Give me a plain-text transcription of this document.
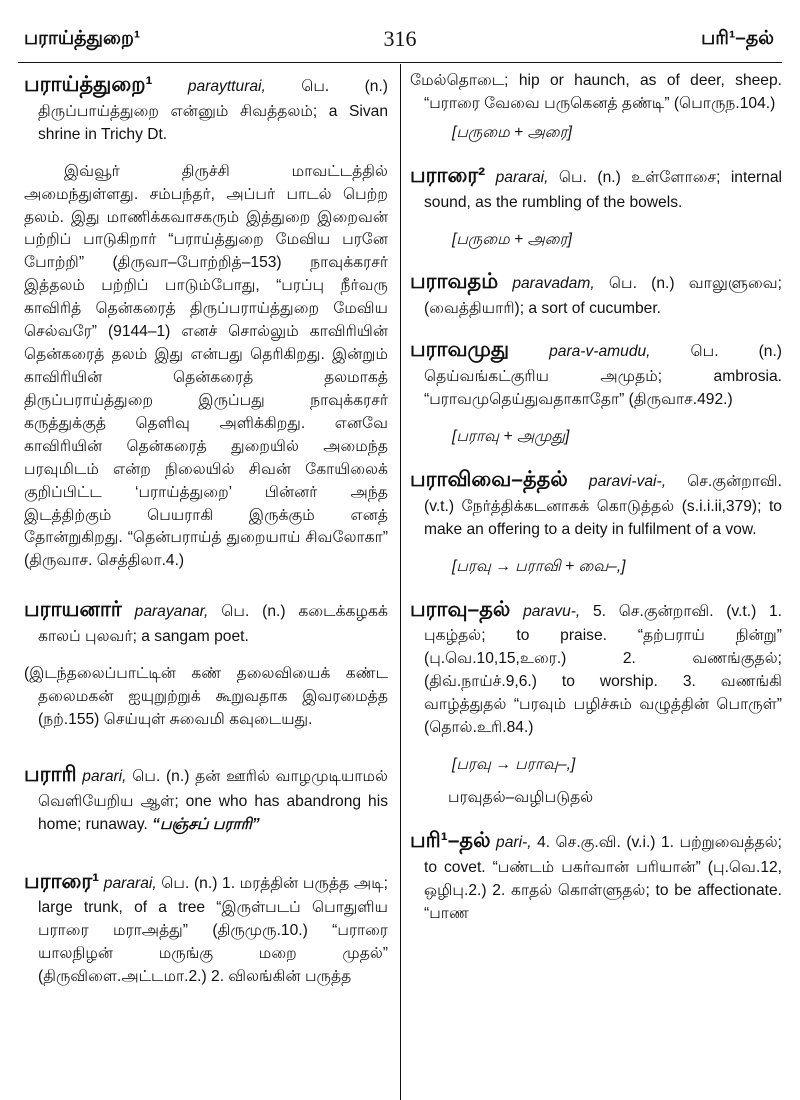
பராய்த்துறை¹	316	பரி¹–தல்
பராய்த்துறை¹ paraytturai, பெ. (n.) திருப்பாய்த்துறை என்னும் சிவத்தலம்; a Sivan shrine in Trichy Dt.
இவ்வூர் திருச்சி மாவட்டத்தில் அமைந்துள்ளது. சம்பந்தர், அப்பர் பாடல் பெற்ற தலம். இது மாணிக்கவாசகரும் இத்துறை இறைவன் பற்றிப் பாடுகிறார் “பராய்த்துறை மேவிய பரனே போற்றி” (திருவா–போற்றித்–153) நாவுக்கரசர் இத்தலம் பற்றிப் பாடும்போது, “பரப்பு நீர்வரு காவிரித் தென்கரைத் திருப்பராய்த்துறை மேவிய செல்வரே” (9144–1) எனச் சொல்லும் காவிரியின் தென்கரைத் தலம் இது என்பது தெரிகிறது. இன்றும் காவிரியின் தென்கரைத் தலமாகத் திருப்பராய்த்துறை இருப்பது நாவுக்கரசர் கருத்துக்குத் தெளிவு அளிக்கிறது. எனவே காவிரியின் தென்கரைத் துறையில் அமைந்த பரவுமிடம் என்ற நிலையில் சிவன் கோயிலைக் குறிப்பிட்ட ‘பராய்த்துறை’ பின்னர் அந்த இடத்திற்கும் பெயராகி இருக்கும் எனத் தோன்றுகிறது. “தென்பராய்த் துறையாய் சிவலோகா” (திருவாச. செத்திலா.4.)
பராயனார் parayanar, பெ. (n.) கடைக்கழகக் காலப் புலவர்; a sangam poet.
(இடந்தலைப்பாட்டின் கண் தலைவியைக் கண்ட தலைமகன் ஐயுறுற்றுக் கூறுவதாக இவரமைத்த (நற்.155) செய்யுள் சுவைமி கவுடையது.
பராரி parari, பெ. (n.) தன் ஊரில் வாழமுடியாமல் வெளியேறிய ஆள்; one who has abandrong his home; runaway. “பஞ்சப் பராரி”
பராரை¹ pararai, பெ. (n.) 1. மரத்தின் பருத்த அடி; large trunk, of a tree “இருள்படப் பொதுளிய பராரை மராஅத்து” (திருமுரு.10.) “பராரை யாலநிழன் மருங்கு மறை முதல்” (திருவிளை.அட்டமா.2.) 2. விலங்கின் பருத்த
மேல்தொடை; hip or haunch, as of deer, sheep. “பராரை வேவை பருகெனத் தண்டி” (பொருந.104.)
[பருமை + அரை]
பராரை² pararai, பெ. (n.) உள்ளோசை; internal sound, as the rumbling of the bowels.
[பருமை + அரை]
பராவதம் paravadam, பெ. (n.) வாலுளுவை; (வைத்தியாரி); a sort of cucumber.
பராவமுது	para-v-amudu,	பெ. (n.) தெய்வங்கட்குரிய அமுதம்; ambrosia. “பராவமுதெய்துவதாகாதோ” (திருவாச.492.)
[பராவு + அமுது]
பராவிவை–த்தல் paravi-vai-, செ.குன்றாவி. (v.t.) நேர்த்திக்கடனாகக் கொடுத்தல் (s.i.i.ii,379); to make an offering to a deity in fulfilment of a vow.
[பரவு → பராவி + வை–,]
பராவு–தல் paravu-, 5. செ.குன்றாவி. (v.t.) 1. புகழ்தல்; to praise. “தற்பராய் நின்று” (பு.வெ.10,15,உரை.) 2. வணங்குதல்; (திவ்.நாய்ச்.9,6.) to worship. 3. வணங்கி வாழ்த்துதல் “பரவும் பழிச்சும் வழுத்தின் பொருள்” (தொல்.உரி.84.)
[பரவு → பராவு–,]
பரவுதல்–வழிபடுதல்
பரி¹–தல் pari-, 4. செ.கு.வி. (v.i.) 1. பற்றுவைத்தல்; to covet. “பண்டம் பகர்வான் பரியான்” (பு.வெ.12, ஒழிபு.2.) 2. காதல் கொள்ளுதல்; to be affectionate. “பாண
